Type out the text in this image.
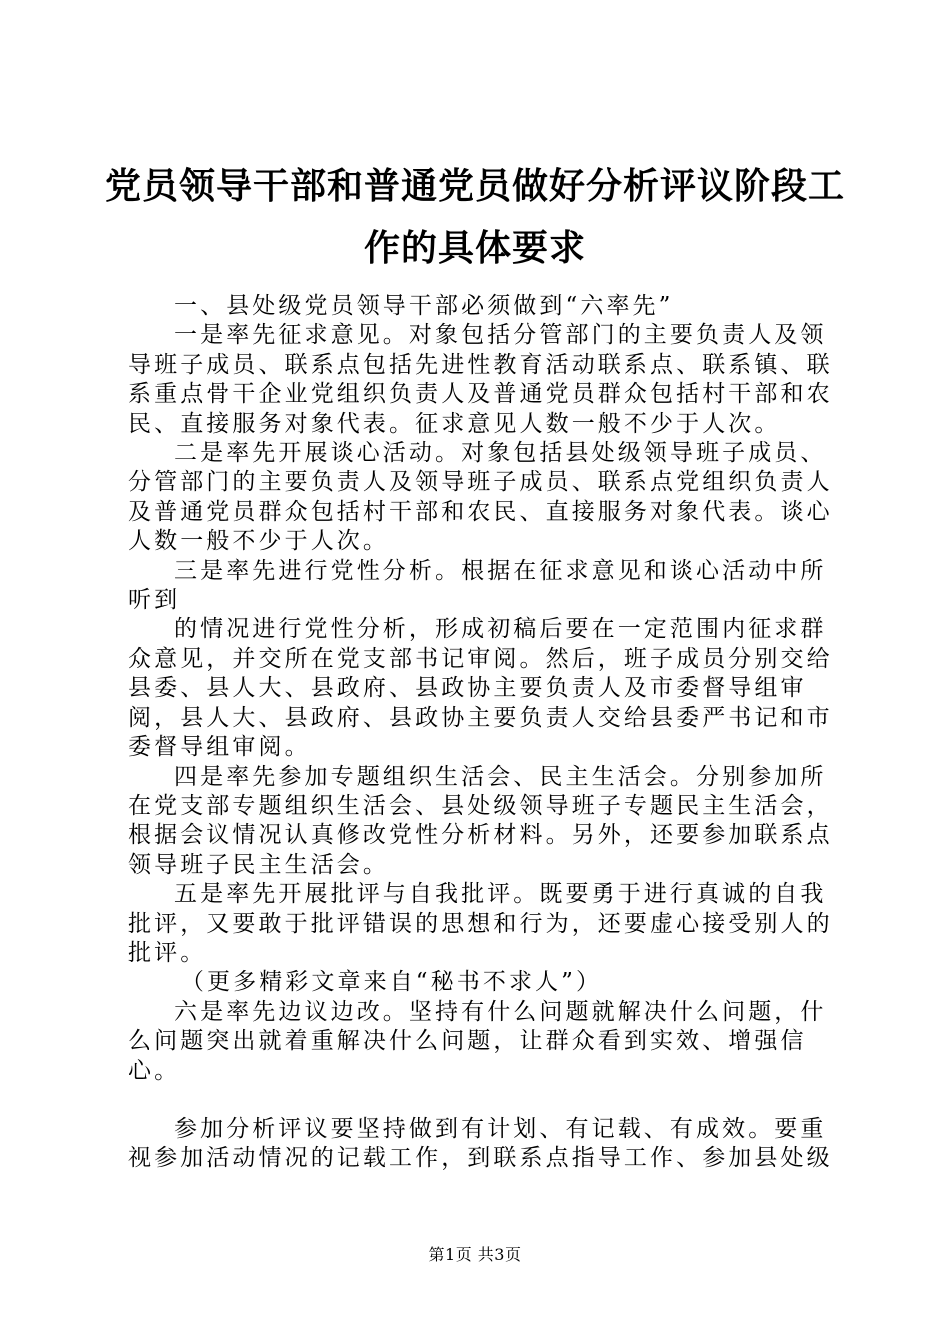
党员领导干部和普通党员做好分析评议阶段工
作的具体要求

一、县处级党员领导干部必须做到“六率先”

一是率先征求意见。对象包括分管部门的主要负责人及领导班子成员、联系点包括先进性教育活动联系点、联系镇、联系重点骨干企业党组织负责人及普通党员群众包括村干部和农民、直接服务对象代表。征求意见人数一般不少于人次。

二是率先开展谈心活动。对象包括县处级领导班子成员、分管部门的主要负责人及领导班子成员、联系点党组织负责人及普通党员群众包括村干部和农民、直接服务对象代表。谈心人数一般不少于人次。

三是率先进行党性分析。根据在征求意见和谈心活动中所

听到

的情况进行党性分析，形成初稿后要在一定范围内征求群众意见，并交所在党支部书记审阅。然后，班子成员分别交给县委、县人大、县政府、县政协主要负责人及市委督导组审阅，县人大、县政府、县政协主要负责人交给县委严书记和市委督导组审阅。

四是率先参加专题组织生活会、民主生活会。分别参加所在党支部专题组织生活会、县处级领导班子专题民主生活会，根据会议情况认真修改党性分析材料。另外，还要参加联系点领导班子民主生活会。

五是率先开展批评与自我批评。既要勇于进行真诚的自我批评，又要敢于批评错误的思想和行为，还要虚心接受别人的批评。

（更多精彩文章来自“秘书不求人”）

六是率先边议边改。坚持有什么问题就解决什么问题，什么问题突出就着重解决什么问题，让群众看到实效、增强信心。

参加分析评议要坚持做到有计划、有记载、有成效。要重视参加活动情况的记载工作，到联系点指导工作、参加县处级

第1页 共3页
